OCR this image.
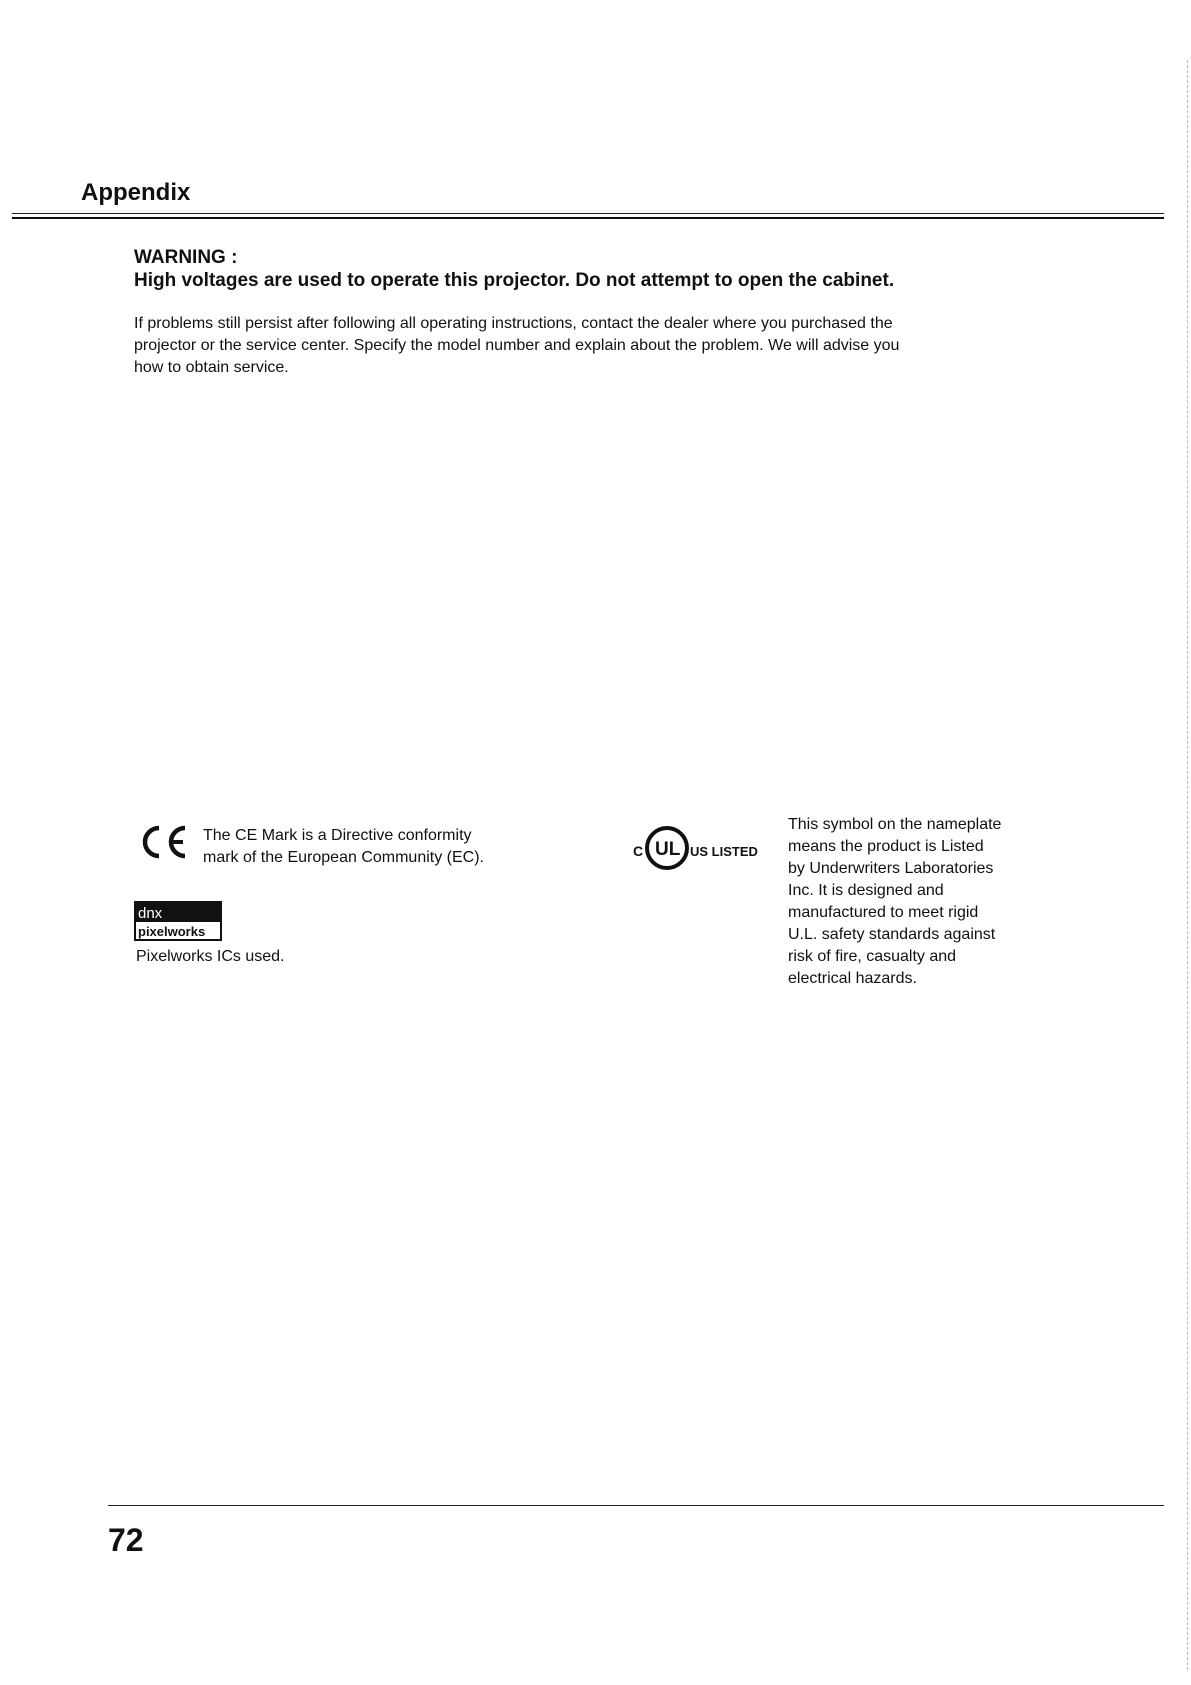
Appendix
WARNING :
High voltages are used to operate this projector. Do not attempt to open the cabinet.

If problems still persist after following all operating instructions, contact the dealer where you purchased the
projector or the service center. Specify the model number and explain about the problem. We will advise you
how to obtain service.

The CE Mark is a Directive conformity
mark of the European Community (EC).
dnx
pixelworks
Pixelworks ICs used.
C UL US LISTED
This symbol on the nameplate
means the product is Listed
by Underwriters Laboratories
Inc. It is designed and
manufactured to meet rigid
U.L. safety standards against
risk of fire, casualty and
electrical hazards.
72
